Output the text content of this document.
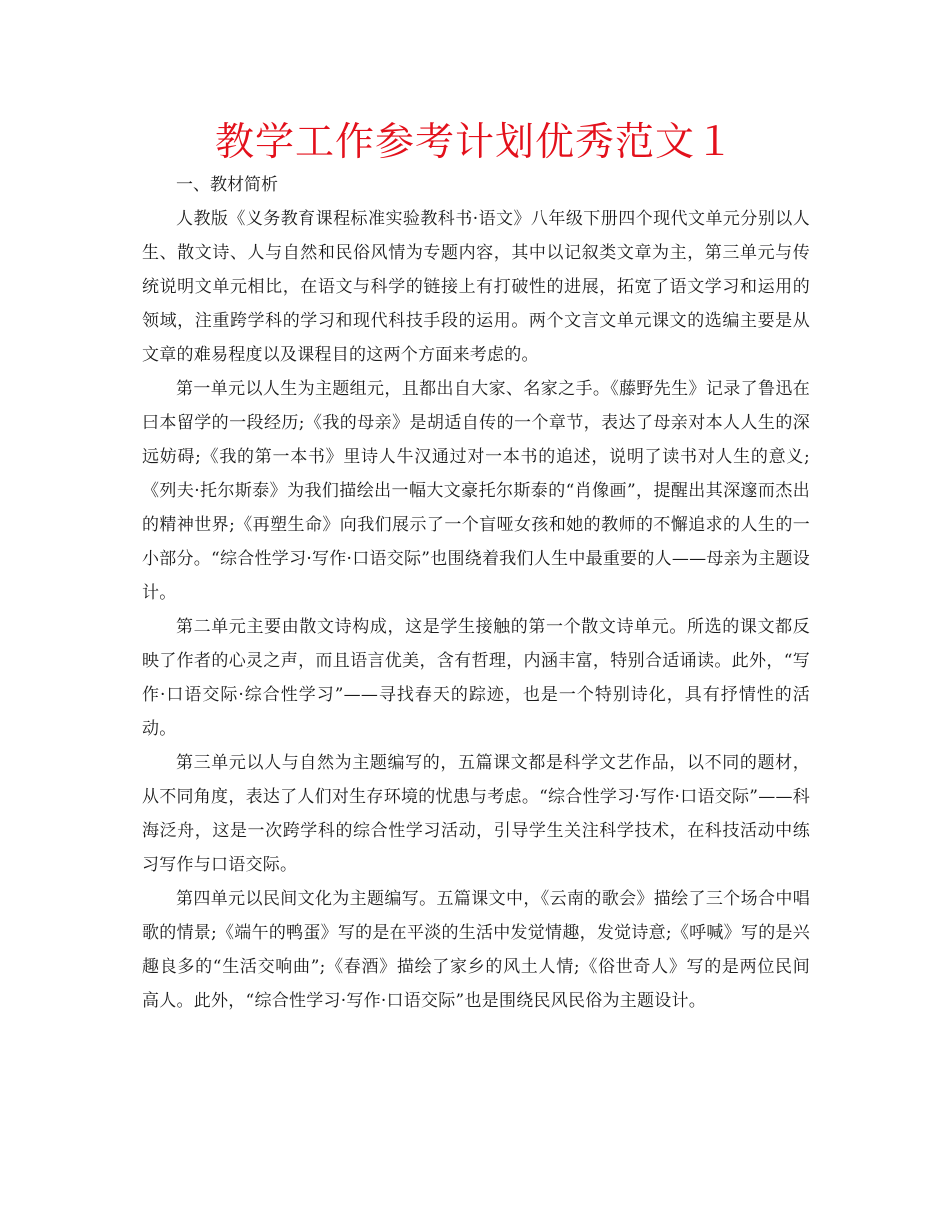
教学工作参考计划优秀范文１

一、教材简析

人教版《义务教育课程标准实验教科书·语文》八年级下册四个现代文单元分别以人生、散文诗、人与自然和民俗风情为专题内容，其中以记叙类文章为主，第三单元与传统说明文单元相比，在语文与科学的链接上有打破性的进展，拓宽了语文学习和运用的领域，注重跨学科的学习和现代科技手段的运用。两个文言文单元课文的选编主要是从文章的难易程度以及课程目的这两个方面来考虑的。

第一单元以人生为主题组元，且都出自大家、名家之手。《藤野先生》记录了鲁迅在曰本留学的一段经历;《我的母亲》是胡适自传的一个章节，表达了母亲对本人人生的深远妨碍;《我的第一本书》里诗人牛汉通过对一本书的追述，说明了读书对人生的意义;《列夫·托尔斯泰》为我们描绘出一幅大文豪托尔斯泰的“肖像画”，提醒出其深邃而杰出的精神世界;《再塑生命》向我们展示了一个盲哑女孩和她的教师的不懈追求的人生的一小部分。“综合性学习·写作·口语交际”也围绕着我们人生中最重要的人——母亲为主题设计。

第二单元主要由散文诗构成，这是学生接触的第一个散文诗单元。所选的课文都反映了作者的心灵之声，而且语言优美，含有哲理，内涵丰富，特别合适诵读。此外，“写作·口语交际·综合性学习”——寻找春天的踪迹，也是一个特别诗化，具有抒情性的活动。

第三单元以人与自然为主题编写的，五篇课文都是科学文艺作品，以不同的题材，从不同角度，表达了人们对生存环境的忧患与考虑。“综合性学习·写作·口语交际”——科海泛舟，这是一次跨学科的综合性学习活动，引导学生关注科学技术，在科技活动中练习写作与口语交际。

第四单元以民间文化为主题编写。五篇课文中，《云南的歌会》描绘了三个场合中唱歌的情景;《端午的鸭蛋》写的是在平淡的生活中发觉情趣，发觉诗意;《呼喊》写的是兴趣良多的“生活交响曲”;《春酒》描绘了家乡的风土人情;《俗世奇人》写的是两位民间高人。此外，“综合性学习·写作·口语交际”也是围绕民风民俗为主题设计。
